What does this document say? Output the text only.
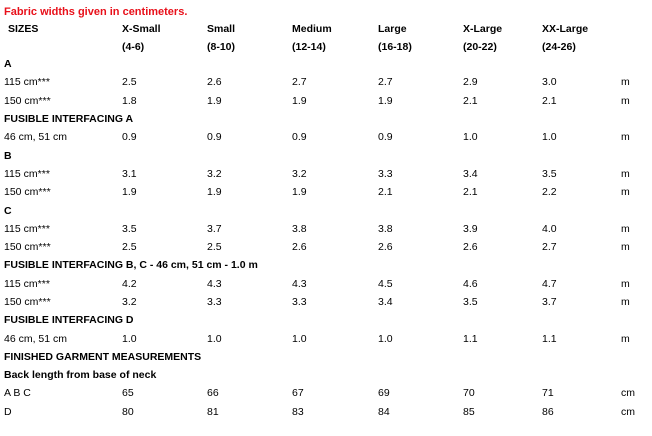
Fabric widths given in centimeters.
SIZES	X-Small	Small	Medium	Large	X-Large	XX-Large	
	(4-6)	(8-10)	(12-14)	(16-18)	(20-22)	(24-26)	
A							
115 cm***	2.5	2.6	2.7	2.7	2.9	3.0	m
150 cm***	1.8	1.9	1.9	1.9	2.1	2.1	m
FUSIBLE INTERFACING A							
46 cm, 51 cm	0.9	0.9	0.9	0.9	1.0	1.0	m
B							
115 cm***	3.1	3.2	3.2	3.3	3.4	3.5	m
150 cm***	1.9	1.9	1.9	2.1	2.1	2.2	m
C							
115 cm***	3.5	3.7	3.8	3.8	3.9	4.0	m
150 cm***	2.5	2.5	2.6	2.6	2.6	2.7	m
FUSIBLE INTERFACING B, C - 46 cm, 51 cm - 1.0 m							
115 cm***	4.2	4.3	4.3	4.5	4.6	4.7	m
150 cm***	3.2	3.3	3.3	3.4	3.5	3.7	m
FUSIBLE INTERFACING D							
46 cm, 51 cm	1.0	1.0	1.0	1.0	1.1	1.1	m
FINISHED GARMENT MEASUREMENTS							
Back length from base of neck							
A B C	65	66	67	69	70	71	cm
D	80	81	83	84	85	86	cm
